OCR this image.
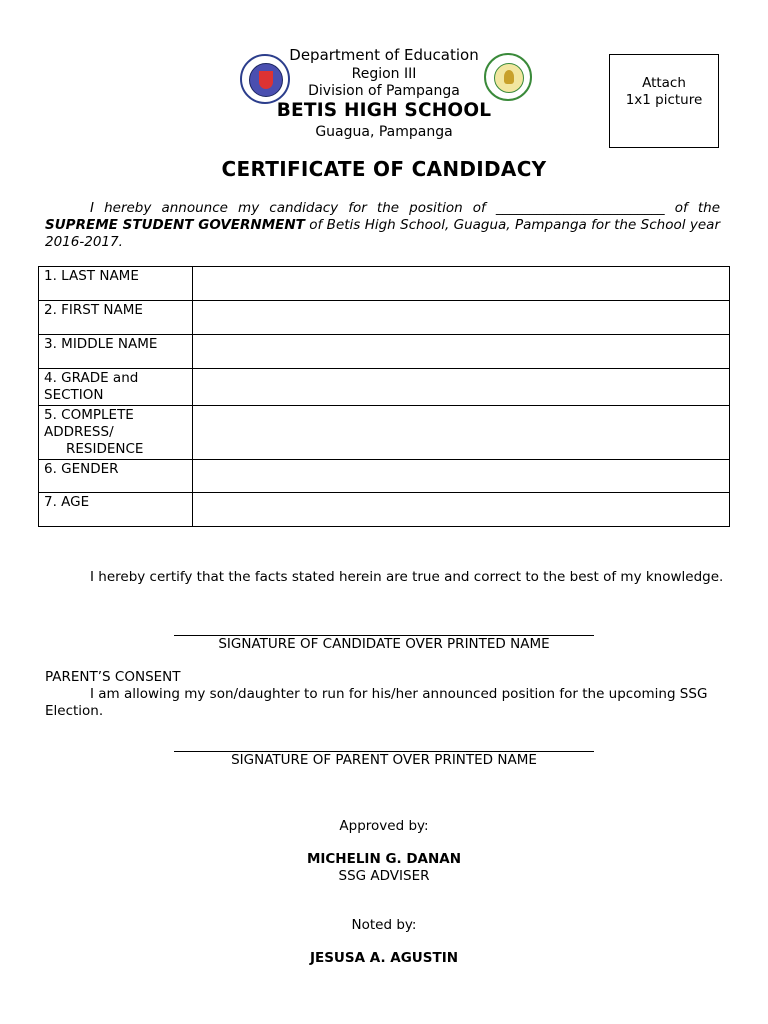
Department of Education
Region III
Division of Pampanga
BETIS HIGH SCHOOL
Guagua, Pampanga
Attach
1x1 picture
CERTIFICATE OF CANDIDACY
I hereby announce my candidacy for the position of _________________________ of the SUPREME STUDENT GOVERNMENT of Betis High School, Guagua, Pampanga for the School year 2016-2017.
1. LAST NAME	
2. FIRST NAME	
3. MIDDLE NAME	
4. GRADE and SECTION	
5. COMPLETE ADDRESS/
RESIDENCE	

6. GENDER	
7. AGE	
I hereby certify that the facts stated herein are true and correct to the best of my knowledge.
SIGNATURE OF CANDIDATE OVER PRINTED NAME
PARENT’S CONSENT
I am allowing my son/daughter to run for his/her announced position for the upcoming SSG Election.
SIGNATURE OF PARENT OVER PRINTED NAME
Approved by:
MICHELIN G. DANAN
SSG ADVISER
Noted by:
JESUSA A. AGUSTIN
